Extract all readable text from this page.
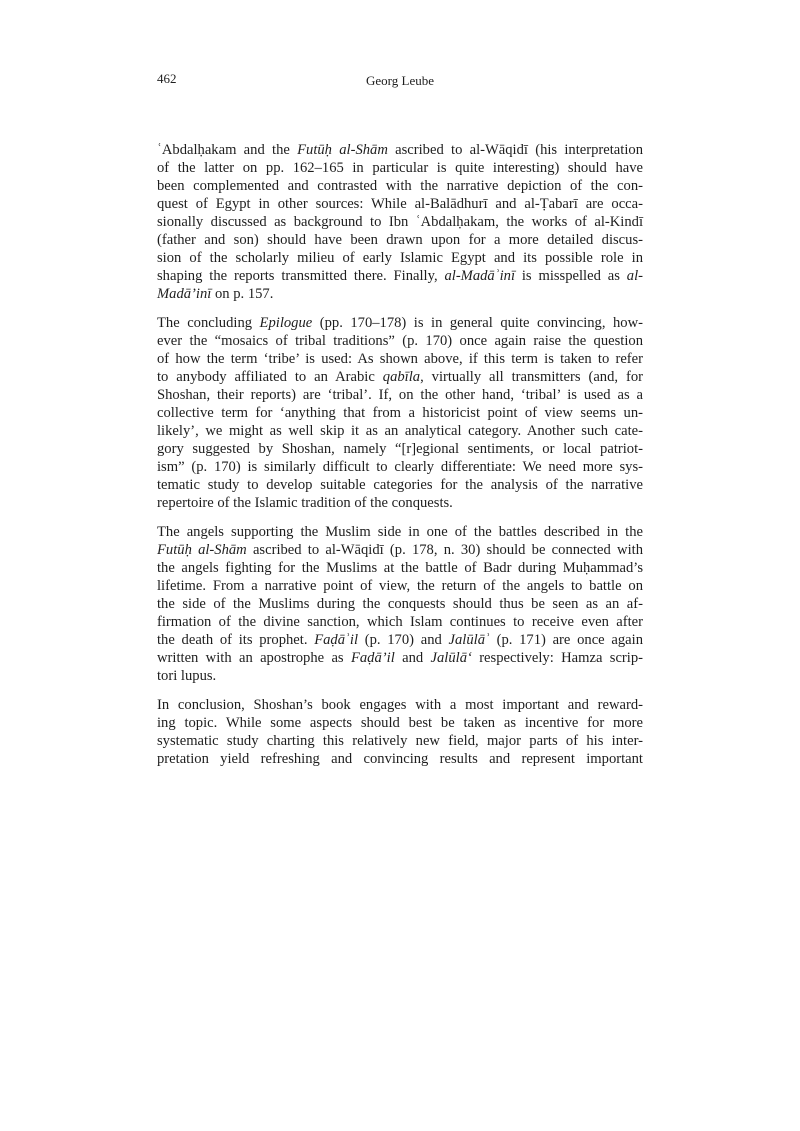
462	Georg Leube
ʿAbdalḥakam and the Futūḥ al-Shām ascribed to al-Wāqidī (his interpretation
of the latter on pp. 162–165 in particular is quite interesting) should have
been complemented and contrasted with the narrative depiction of the con-
quest of Egypt in other sources: While al-Balādhurī and al-Ṭabarī are occa-
sionally discussed as background to Ibn ʿAbdalḥakam, the works of al-Kindī
(father and son) should have been drawn upon for a more detailed discus-
sion of the scholarly milieu of early Islamic Egypt and its possible role in
shaping the reports transmitted there. Finally, al-Madāʾinī is misspelled as al-
Madā’inī on p. 157.
The concluding Epilogue (pp. 170–178) is in general quite convincing, how-
ever the “mosaics of tribal traditions” (p. 170) once again raise the question
of how the term ‘tribe’ is used: As shown above, if this term is taken to refer
to anybody affiliated to an Arabic qabīla, virtually all transmitters (and, for
Shoshan, their reports) are ‘tribal’. If, on the other hand, ‘tribal’ is used as a
collective term for ‘anything that from a historicist point of view seems un-
likely’, we might as well skip it as an analytical category. Another such cate-
gory suggested by Shoshan, namely “[r]egional sentiments, or local patriot-
ism” (p. 170) is similarly difficult to clearly differentiate: We need more sys-
tematic study to develop suitable categories for the analysis of the narrative
repertoire of the Islamic tradition of the conquests.
The angels supporting the Muslim side in one of the battles described in the
Futūḥ al-Shām ascribed to al-Wāqidī (p. 178, n. 30) should be connected with
the angels fighting for the Muslims at the battle of Badr during Muḥammad’s
lifetime. From a narrative point of view, the return of the angels to battle on
the side of the Muslims during the conquests should thus be seen as an af-
firmation of the divine sanction, which Islam continues to receive even after
the death of its prophet. Faḍāʾil (p. 170) and Jalūlāʾ (p. 171) are once again
written with an apostrophe as Faḍā’il and Jalūlā‘ respectively: Hamza scrip-
tori lupus.
In conclusion, Shoshan’s book engages with a most important and reward-
ing topic. While some aspects should best be taken as incentive for more
systematic study charting this relatively new field, major parts of his inter-
pretation yield refreshing and convincing results and represent important
